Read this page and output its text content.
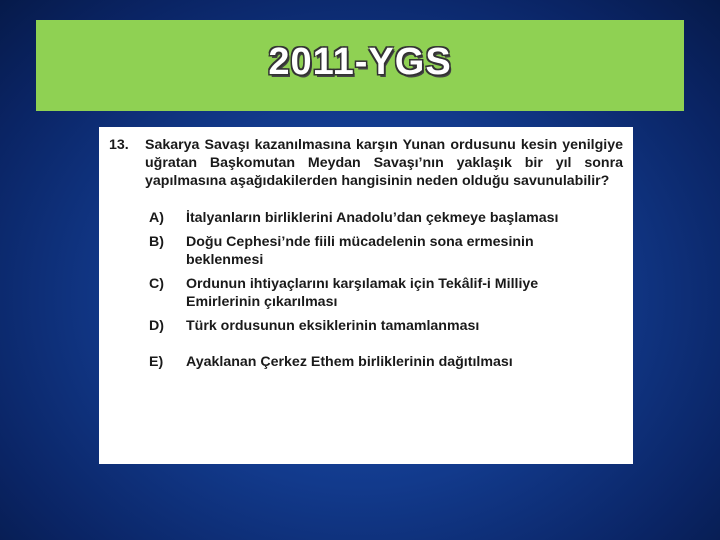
2011-YGS
13.	Sakarya Savaşı kazanılmasına karşın Yunan ordusunu kesin yenilgiye uğratan Başkomutan Meydan Savaşı’nın yaklaşık bir yıl sonra yapılmasına aşağıdakilerden hangisinin neden olduğu savunulabilir?
A)	İtalyanların birliklerini Anadolu’dan çekmeye başlaması
B)	Doğu Cephesi’nde fiili mücadelenin sona ermesinin beklenmesi
C)	Ordunun ihtiyaçlarını karşılamak için Tekâlif-i Milliye Emirlerinin çıkarılması
D)	Türk ordusunun eksiklerinin tamamlanması
E)	Ayaklanan Çerkez Ethem birliklerinin dağıtılması
